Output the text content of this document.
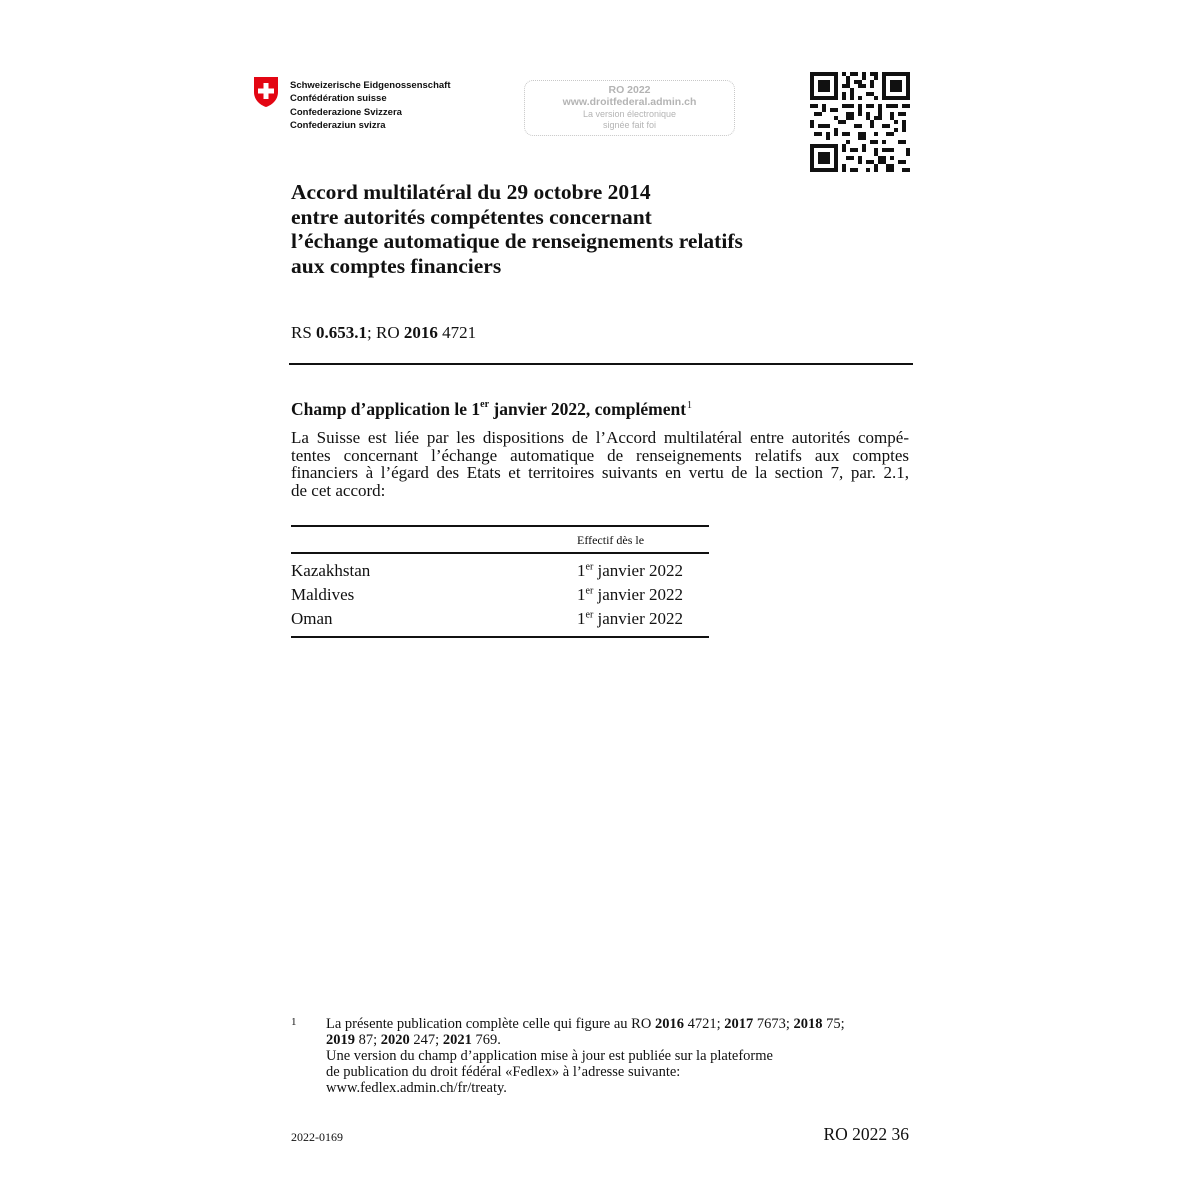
Schweizerische Eidgenossenschaft
Confédération suisse
Confederazione Svizzera
Confederaziun svizra
RO 2022
www.droitfederal.admin.ch
La version électronique
signée fait foi
Accord multilatéral du 29 octobre 2014
entre autorités compétentes concernant
l’échange automatique de renseignements relatifs
aux comptes financiers
RS 0.653.1; RO 2016 4721
Champ d’application le 1er janvier 2022, complément$^1$
La Suisse est liée par les dispositions de l’Accord multilatéral entre autorités compé-
tentes concernant l’échange automatique de renseignements relatifs aux comptes
financiers à l’égard des Etats et territoires suivants en vertu de la section 7, par. 2.1,
de cet accord:
Effectif dès le
Kazakhstan	1er janvier 2022
Maldives	1er janvier 2022
Oman	1er janvier 2022
1 La présente publication complète celle qui figure au RO 2016 4721; 2017 7673; 2018 75;
2019 87; 2020 247; 2021 769.
Une version du champ d’application mise à jour est publiée sur la plateforme
de publication du droit fédéral «Fedlex» à l’adresse suivante:
www.fedlex.admin.ch/fr/treaty.
2022-0169	RO 2022 36
